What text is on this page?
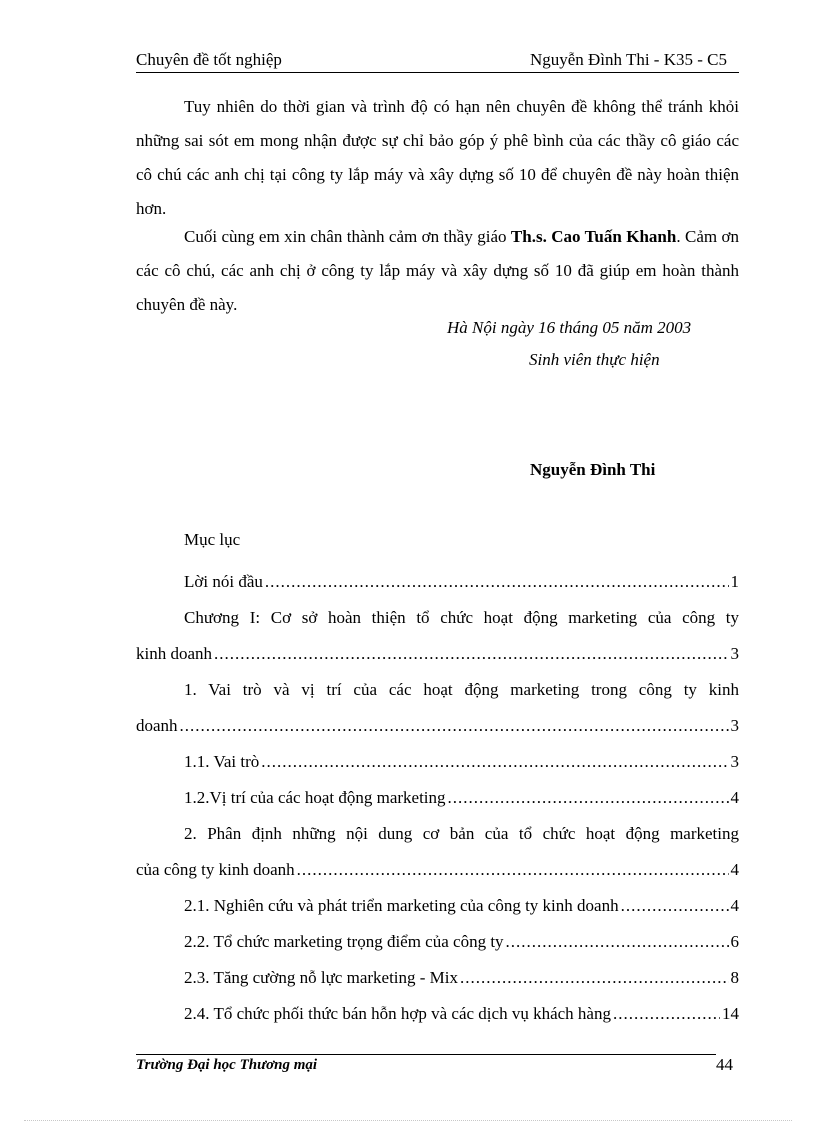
Chuyên đề tốt nghiệp	Nguyễn Đình Thi - K35 - C5

Tuy nhiên do thời gian và trình độ có hạn nên chuyên đề không thể tránh khỏi những sai sót em mong nhận được sự chỉ bảo góp ý phê bình của các thầy cô giáo các cô chú các anh chị tại công ty lắp máy và xây dựng số 10 để chuyên đề này hoàn thiện hơn.

Cuối cùng em xin chân thành cảm ơn thầy giáo Th.s. Cao Tuấn Khanh. Cảm ơn các cô chú, các anh chị ở công ty lắp máy và xây dựng số 10 đã giúp em hoàn thành chuyên đề này.

Hà Nội ngày 16 tháng 05 năm 2003
Sinh viên thực hiện
Nguyễn Đình Thi
Mục lục
Lời nói đầu .....	1
Chương I: Cơ sở hoàn thiện tổ chức hoạt động marketing của công ty
kinh doanh .....	3
1. Vai trò và vị trí của các hoạt động marketing trong công ty kinh
doanh .....	3
1.1. Vai trò .....	3
1.2.Vị trí của các hoạt động marketing .....	4
2. Phân định những nội dung cơ bản của tổ chức hoạt động marketing
của công ty kinh doanh .....	4
2.1. Nghiên cứu và phát triển marketing của công ty kinh doanh .....	4
2.2. Tổ chức marketing trọng điểm của công ty .....	6
2.3. Tăng cường nỗ lực marketing - Mix .....	8
2.4. Tổ chức phối thức bán hỗn hợp và các dịch vụ khách hàng .....	14
Trường Đại học Thương mại	44
